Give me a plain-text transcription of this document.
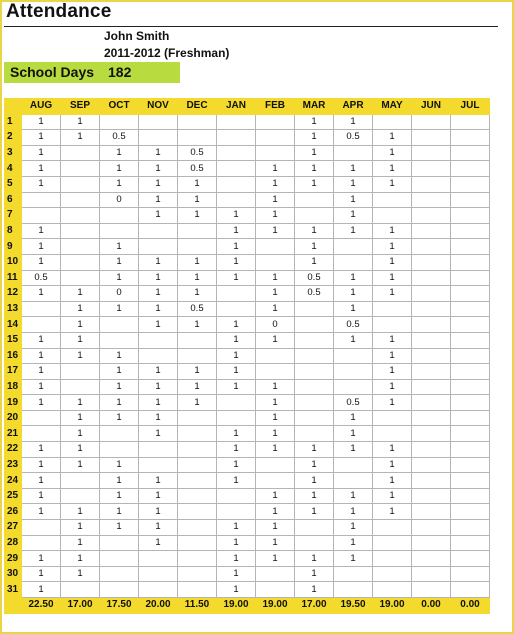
Attendance
John Smith
2011-2012 (Freshman)
School Days 182
	AUG	SEP	OCT	NOV	DEC	JAN	FEB	MAR	APR	MAY	JUN	JUL
1	1	1						1	1			
2	1	1	0.5					1	0.5	1		
3	1		1	1	0.5			1		1		
4	1		1	1	0.5		1	1	1	1		
5	1		1	1	1		1	1	1	1		
6			0	1	1		1		1			
7				1	1	1	1		1			
8	1					1	1	1	1	1		
9	1		1			1		1		1		
10	1		1	1	1	1		1		1		
11	0.5		1	1	1	1	1	0.5	1	1		
12	1	1	0	1	1		1	0.5	1	1		
13		1	1	1	0.5		1		1			
14		1		1	1	1	0		0.5			
15	1	1				1	1		1	1		
16	1	1	1			1				1		
17	1		1	1	1	1				1		
18	1		1	1	1	1	1			1		
19	1	1	1	1	1		1		0.5	1		
20		1	1	1			1		1			
21		1		1		1	1		1			
22	1	1				1	1	1	1	1		
23	1	1	1			1		1		1		
24	1		1	1		1		1		1		
25	1		1	1			1	1	1	1		
26	1	1	1	1			1	1	1	1		
27		1	1	1		1	1		1			
28		1		1		1	1		1			
29	1	1				1	1	1	1			
30	1	1				1		1				
31	1					1		1				
	22.50	17.00	17.50	20.00	11.50	19.00	19.00	17.00	19.50	19.00	0.00	0.00
